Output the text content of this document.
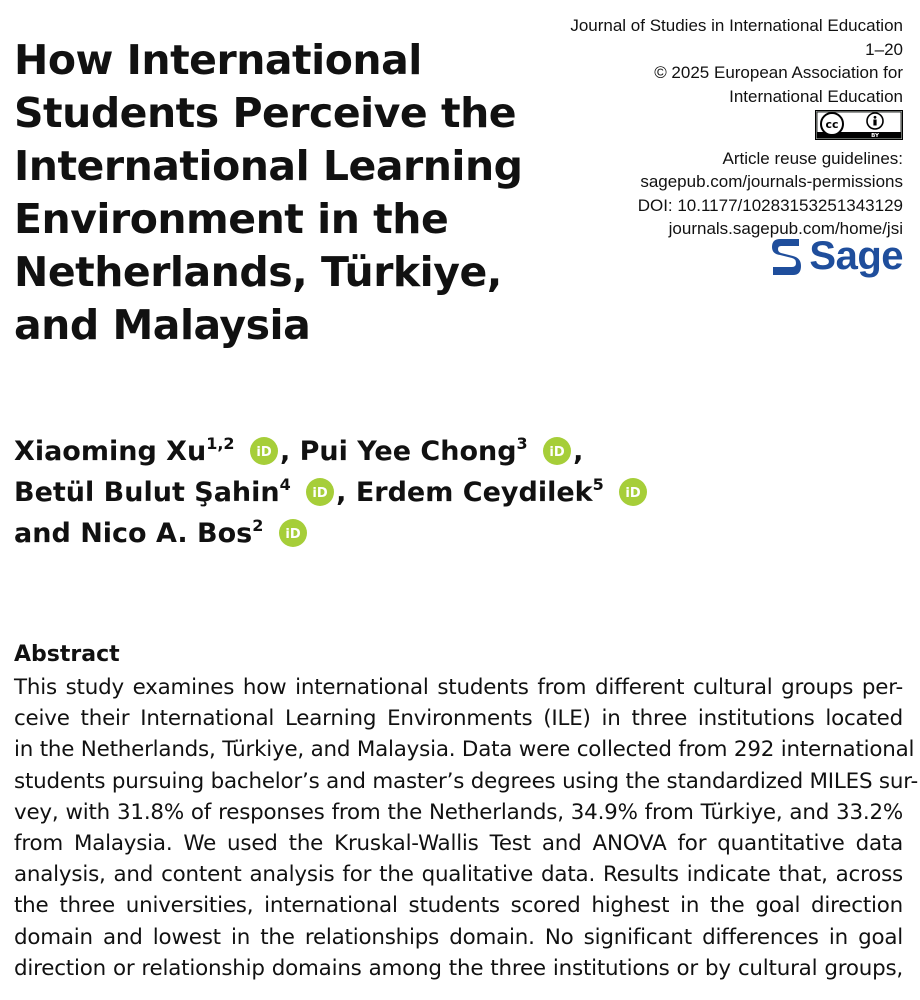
How International
Students Perceive the
International Learning
Environment in the
Netherlands, Türkiye,
and Malaysia
Journal of Studies in International Education
1–20
© 2025 European Association for
International Education
cc
BY
Article reuse guidelines:
sagepub.com/journals-permissions
DOI: 10.1177/10283153251343129
journals.sagepub.com/home/jsi
Sage
Xiaoming Xu$^{1,2}$ iD , Pui Yee Chong$^3$ iD ,
Betül Bulut Şahin$^4$ iD , Erdem Ceydilek$^5$ iD
and Nico A. Bos$^2$ iD
Abstract
This study examines how international students from different cultural groups per-
ceive their International Learning Environments (ILE) in three institutions located
in the Netherlands, Türkiye, and Malaysia. Data were collected from 292 international
students pursuing bachelor’s and master’s degrees using the standardized MILES sur-
vey, with 31.8% of responses from the Netherlands, 34.9% from Türkiye, and 33.2%
from Malaysia. We used the Kruskal-Wallis Test and ANOVA for quantitative data
analysis, and content analysis for the qualitative data. Results indicate that, across
the three universities, international students scored highest in the goal direction
domain and lowest in the relationships domain. No significant differences in goal
direction or relationship domains among the three institutions or by cultural groups,
